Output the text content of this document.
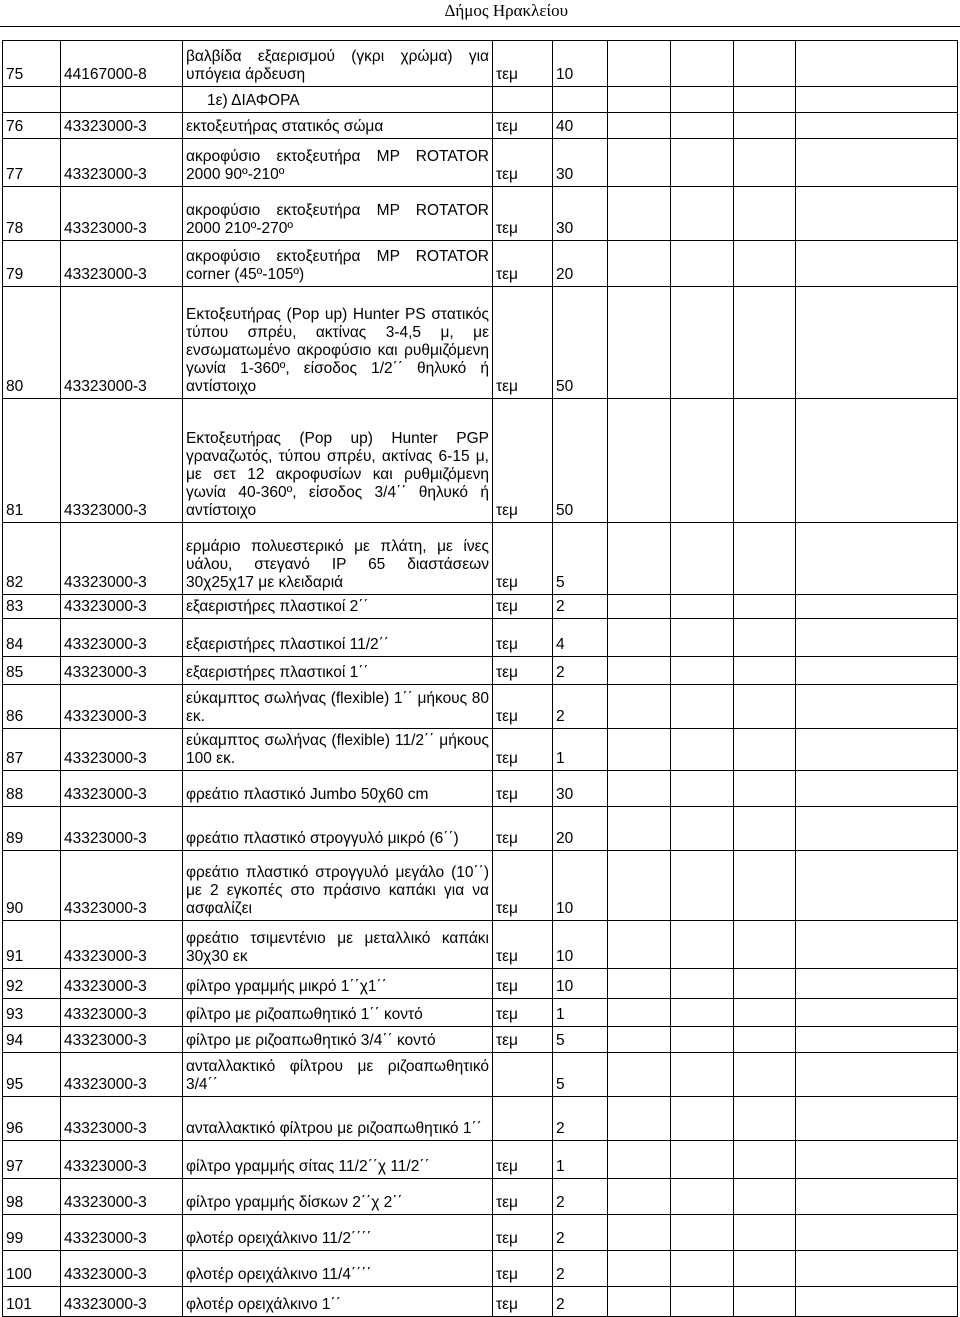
Δήμος Ηρακλείου
75	44167000-8	βαλβίδα εξαερισμού (γκρι χρώμα) για υπόγεια άρδευση	τεμ	10				
		1ε) ΔΙΑΦΟΡΑ						
76	43323000-3	εκτοξευτήρας στατικός σώμα	τεμ	40				
77	43323000-3	ακροφύσιο εκτοξευτήρα MP ROTATOR 2000 90º-210º	τεμ	30				
78	43323000-3	ακροφύσιο εκτοξευτήρα MP ROTATOR 2000 210º-270º	τεμ	30				
79	43323000-3	ακροφύσιο εκτοξευτήρα MP ROTATOR corner (45º-105º)	τεμ	20				
80	43323000-3	Εκτοξευτήρας (Pop up) Hunter PS στατικός τύπου σπρέυ, ακτίνας 3-4,5 μ, με ενσωματωμένο ακροφύσιο και ρυθμιζόμενη γωνία 1-360º, είσοδος 1/2΄΄ θηλυκό ή αντίστοιχο	τεμ	50				
81	43323000-3	Εκτοξευτήρας (Pop up) Hunter PGP γραναζωτός, τύπου σπρέυ, ακτίνας 6-15 μ, με σετ 12 ακροφυσίων και ρυθμιζόμενη γωνία 40-360º, είσοδος 3/4΄΄ θηλυκό ή αντίστοιχο	τεμ	50				
82	43323000-3	ερμάριο πολυεστερικό με πλάτη, με ίνες υάλου, στεγανό IP 65 διαστάσεων 30χ25χ17 με κλειδαριά	τεμ	5				
83	43323000-3	εξαεριστήρες πλαστικοί 2΄΄	τεμ	2				
84	43323000-3	εξαεριστήρες πλαστικοί 11/2΄΄	τεμ	4				
85	43323000-3	εξαεριστήρες πλαστικοί 1΄΄	τεμ	2				
86	43323000-3	εύκαμπτος σωλήνας (flexible) 1΄΄ μήκους 80 εκ.	τεμ	2				
87	43323000-3	εύκαμπτος σωλήνας (flexible) 11/2΄΄ μήκους 100 εκ.	τεμ	1				
88	43323000-3	φρεάτιο πλαστικό Jumbo 50χ60 cm	τεμ	30				
89	43323000-3	φρεάτιο πλαστικό στρογγυλό μικρό (6΄΄)	τεμ	20				
90	43323000-3	φρεάτιο πλαστικό στρογγυλό μεγάλο (10΄΄) με 2 εγκοπές στο πράσινο καπάκι για να ασφαλίζει	τεμ	10				
91	43323000-3	φρεάτιο τσιμεντένιο με μεταλλικό καπάκι 30χ30 εκ	τεμ	10				
92	43323000-3	φίλτρο γραμμής μικρό 1΄΄χ1΄΄	τεμ	10				
93	43323000-3	φίλτρο με ριζοαπωθητικό 1΄΄ κοντό	τεμ	1				
94	43323000-3	φίλτρο με ριζοαπωθητικό 3/4΄΄ κοντό	τεμ	5				
95	43323000-3	ανταλλακτικό φίλτρου με ριζοαπωθητικό 3/4΄΄		5				
96	43323000-3	ανταλλακτικό φίλτρου με ριζοαπωθητικό 1΄΄		2				
97	43323000-3	φίλτρο γραμμής σίτας 11/2΄΄χ 11/2΄΄	τεμ	1				
98	43323000-3	φίλτρο γραμμής δίσκων 2΄΄χ 2΄΄	τεμ	2				
99	43323000-3	φλοτέρ ορειχάλκινο 11/2΄΄΄΄	τεμ	2				
100	43323000-3	φλοτέρ ορειχάλκινο 11/4΄΄΄΄	τεμ	2				
101	43323000-3	φλοτέρ ορειχάλκινο 1΄΄	τεμ	2				
